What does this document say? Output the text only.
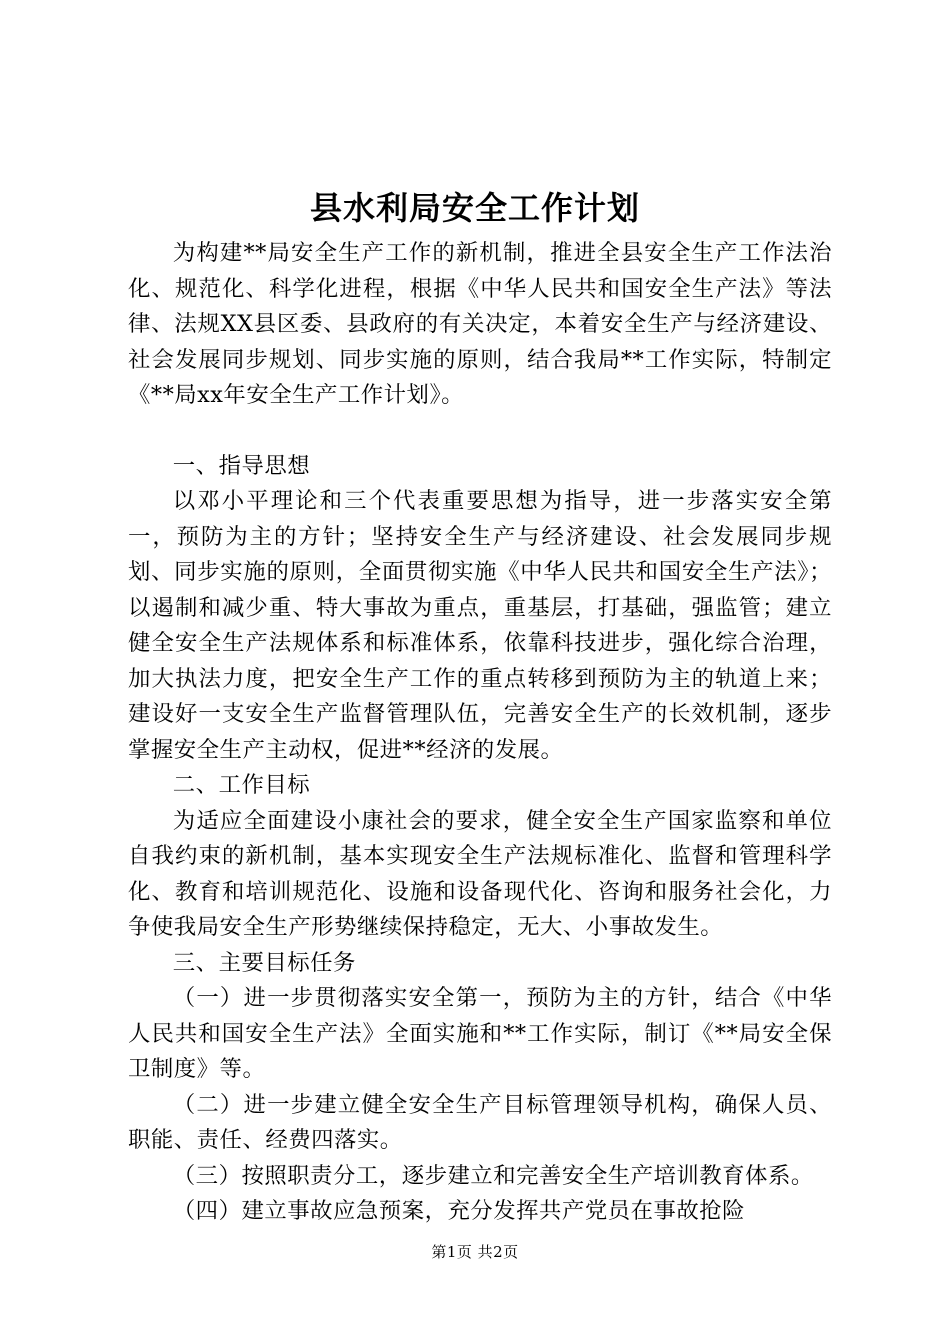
县水利局安全工作计划

为构建**局安全生产工作的新机制，推进全县安全生产工作法治化、规范化、科学化进程，根据《中华人民共和国安全生产法》等法律、法规XX县区委、县政府的有关决定，本着安全生产与经济建设、社会发展同步规划、同步实施的原则，结合我局**工作实际，特制定《**局xx年安全生产工作计划》。

一、指导思想

以邓小平理论和三个代表重要思想为指导，进一步落实安全第一，预防为主的方针；坚持安全生产与经济建设、社会发展同步规划、同步实施的原则，全面贯彻实施《中华人民共和国安全生产法》；以遏制和减少重、特大事故为重点，重基层，打基础，强监管；建立健全安全生产法规体系和标准体系，依靠科技进步，强化综合治理，加大执法力度，把安全生产工作的重点转移到预防为主的轨道上来；建设好一支安全生产监督管理队伍，完善安全生产的长效机制，逐步掌握安全生产主动权，促进**经济的发展。

二、工作目标

为适应全面建设小康社会的要求，健全安全生产国家监察和单位自我约束的新机制，基本实现安全生产法规标准化、监督和管理科学化、教育和培训规范化、设施和设备现代化、咨询和服务社会化，力争使我局安全生产形势继续保持稳定，无大、小事故发生。

三、主要目标任务

（一）进一步贯彻落实安全第一，预防为主的方针，结合《中华人民共和国安全生产法》全面实施和**工作实际，制订《**局安全保卫制度》等。

（二）进一步建立健全安全生产目标管理领导机构，确保人员、职能、责任、经费四落实。

（三）按照职责分工，逐步建立和完善安全生产培训教育体系。

（四）建立事故应急预案，充分发挥共产党员在事故抢险

第1页 共2页
